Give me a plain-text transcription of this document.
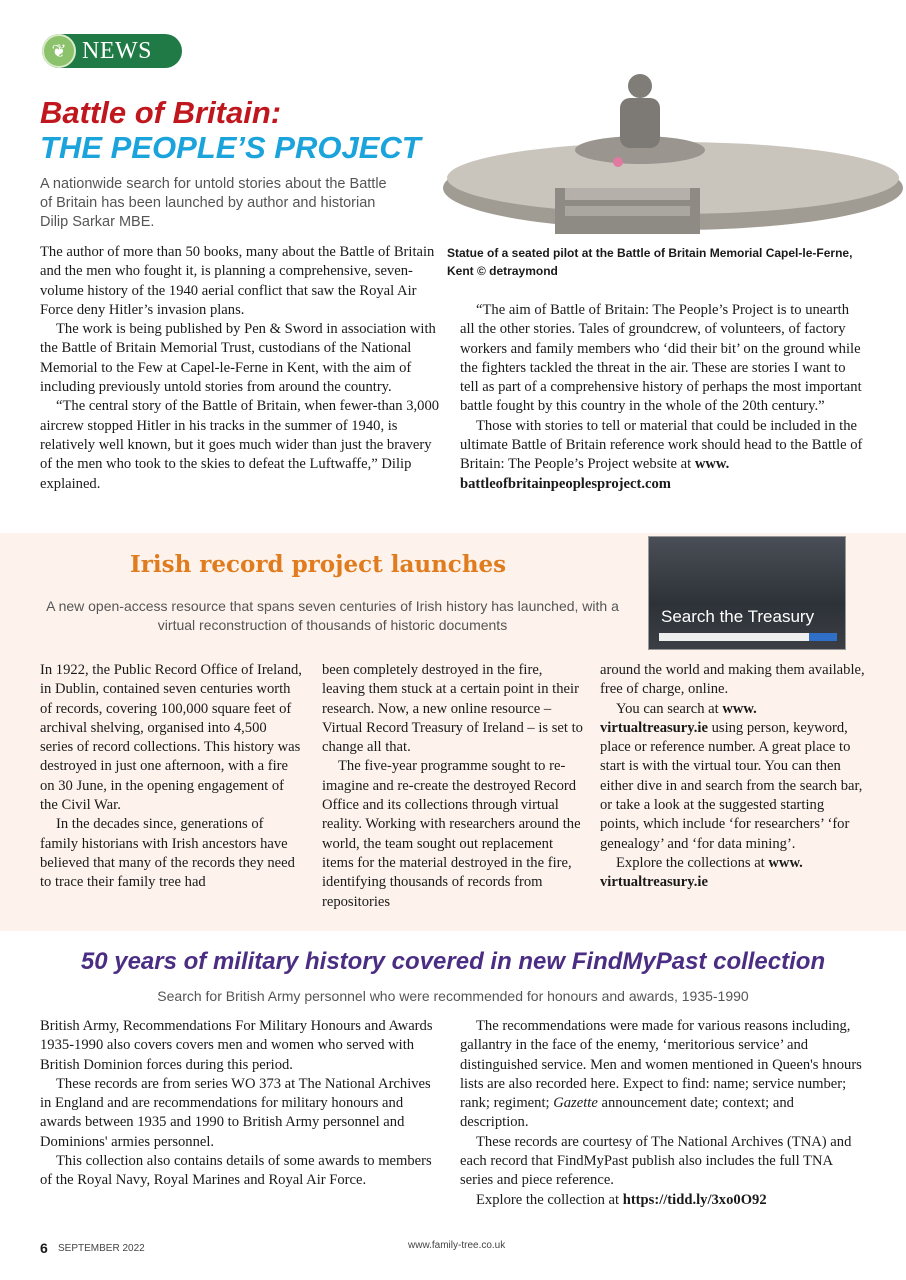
❦ NEWS
Battle of Britain:
THE PEOPLE’S PROJECT
A nationwide search for untold stories about the Battle of Britain has been launched by author and historian Dilip Sarkar MBE.
Statue of a seated pilot at the Battle of Britain Memorial Capel-le-Ferne, Kent © detraymond

The author of more than 50 books, many about the Battle of Britain and the men who fought it, is planning a comprehensive, seven-volume history of the 1940 aerial conflict that saw the Royal Air Force deny Hitler’s invasion plans.

The work is being published by Pen & Sword in association with the Battle of Britain Memorial Trust, custodians of the National Memorial to the Few at Capel-le-Ferne in Kent, with the aim of including previously untold stories from around the country.

“The central story of the Battle of Britain, when fewer-than 3,000 aircrew stopped Hitler in his tracks in the summer of 1940, is relatively well known, but it goes much wider than just the bravery of the men who took to the skies to defeat the Luftwaffe,” Dilip explained.

“The aim of Battle of Britain: The People’s Project is to unearth all the other stories. Tales of groundcrew, of volunteers, of factory workers and family members who ‘did their bit’ on the ground while the fighters tackled the threat in the air. These are stories I want to tell as part of a comprehensive history of perhaps the most important battle fought by this country in the whole of the 20th century.”

Those with stories to tell or material that could be included in the ultimate Battle of Britain reference work should head to the Battle of Britain: The People’s Project website at www. battleofbritainpeoplesproject.com

Irish record project launches
A new open-access resource that spans seven centuries of Irish history has launched, with a virtual reconstruction of thousands of historic documents	Search the Treasury

In 1922, the Public Record Office of Ireland, in Dublin, contained seven centuries worth of records, covering 100,000 square feet of archival shelving, organised into 4,500 series of record collections. This history was destroyed in just one afternoon, with a fire on 30 June, in the opening engagement of the Civil War.

In the decades since, generations of family historians with Irish ancestors have believed that many of the records they need to trace their family tree had

been completely destroyed in the fire, leaving them stuck at a certain point in their research. Now, a new online resource – Virtual Record Treasury of Ireland – is set to change all that.

The five-year programme sought to re-imagine and re-create the destroyed Record Office and its collections through virtual reality. Working with researchers around the world, the team sought out replacement items for the material destroyed in the fire, identifying thousands of records from repositories

around the world and making them available, free of charge, online.

You can search at www. virtualtreasury.ie using person, keyword, place or reference number. A great place to start is with the virtual tour. You can then either dive in and search from the search bar, or take a look at the suggested starting points, which include ‘for researchers’ ‘for genealogy’ and ‘for data mining’.

Explore the collections at www. virtualtreasury.ie

50 years of military history covered in new FindMyPast collection
Search for British Army personnel who were recommended for honours and awards, 1935-1990

British Army, Recommendations For Military Honours and Awards 1935-1990 also covers covers men and women who served with British Dominion forces during this period.

These records are from series WO 373 at The National Archives in England and are recommendations for military honours and awards between 1935 and 1990 to British Army personnel and Dominions' armies personnel.

This collection also contains details of some awards to members of the Royal Navy, Royal Marines and Royal Air Force.

The recommendations were made for various reasons including, gallantry in the face of the enemy, ‘meritorious service’ and distinguished service. Men and women mentioned in Queen's hnours lists are also recorded here. Expect to find: name; service number; rank; regiment; Gazette announcement date; context; and description.

These records are courtesy of The National Archives (TNA) and each record that FindMyPast publish also includes the full TNA series and piece reference.

Explore the collection at https://tidd.ly/3xo0O92

6 SEPTEMBER 2022	www.family-tree.co.uk
